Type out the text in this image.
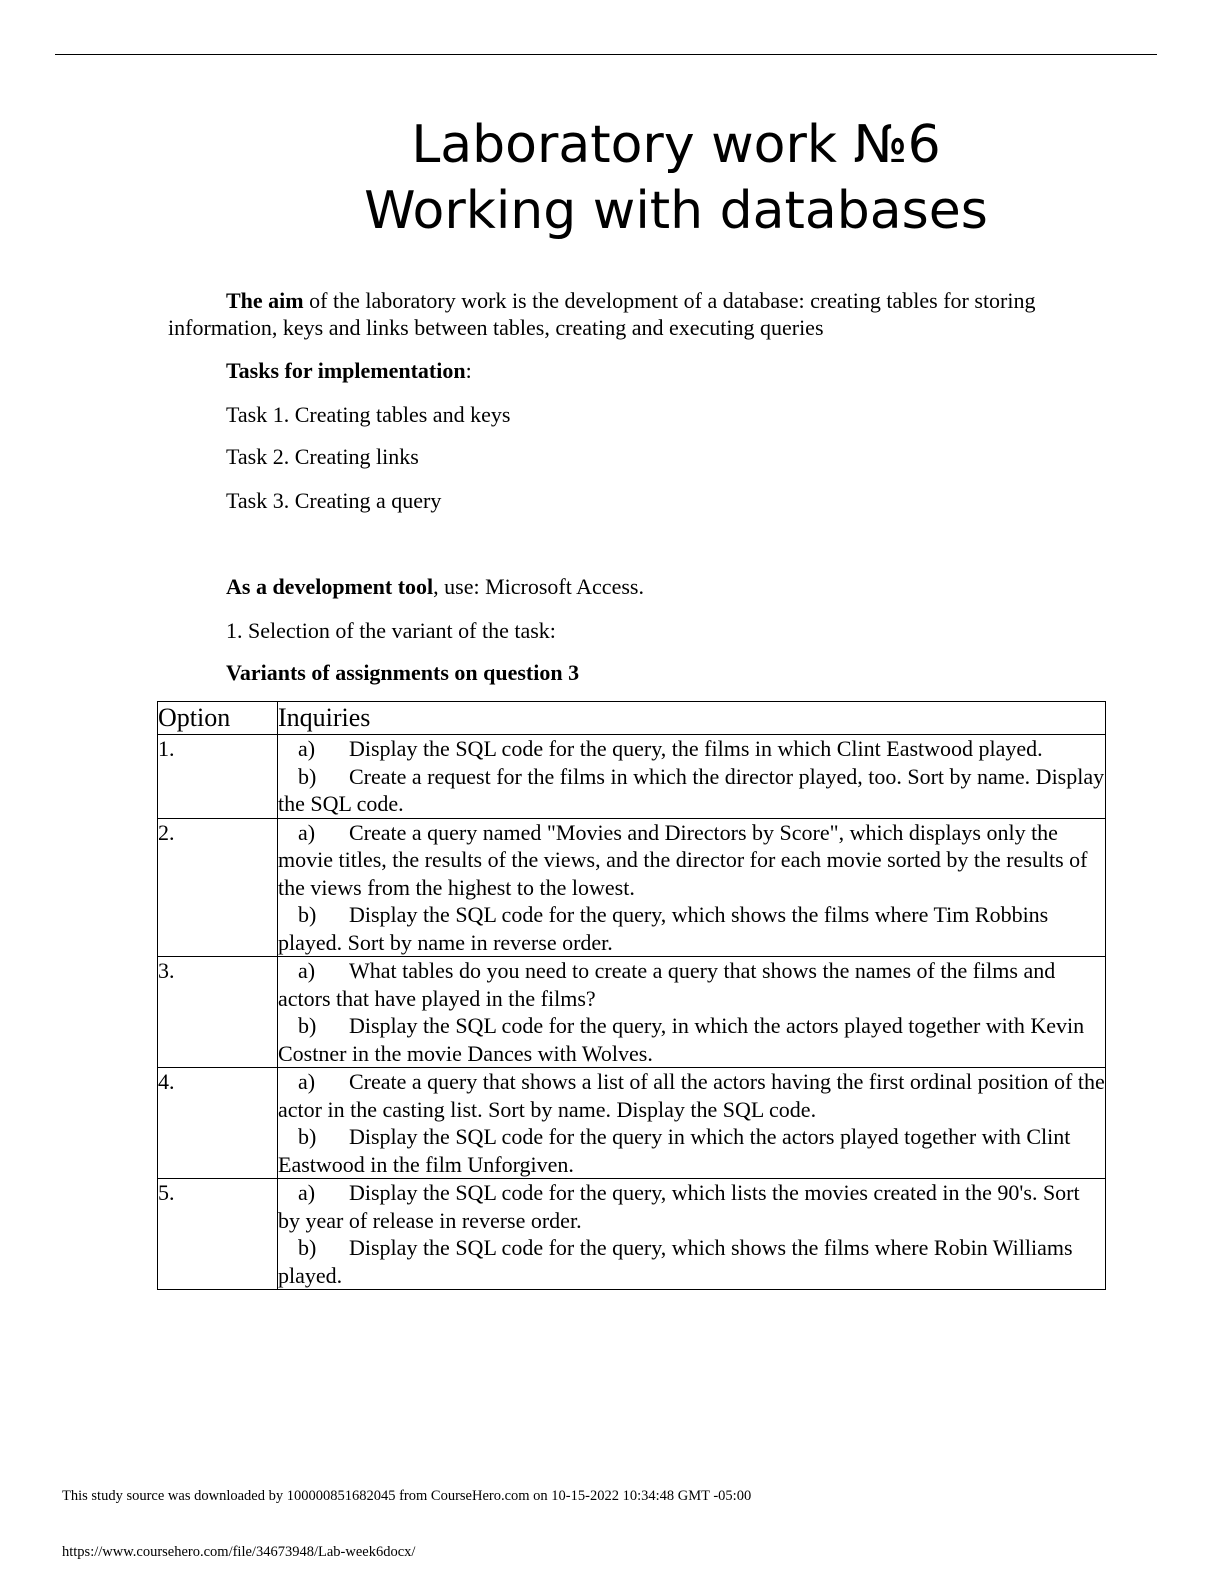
Laboratory work №6
Working with databases
The aim of the laboratory work is the development of a database: creating tables for storing information, keys and links between tables, creating and executing queries
Tasks for implementation:
Task 1. Creating tables and keys
Task 2. Creating links
Task 3. Creating a query
As a development tool, use: Microsoft Access.
1. Selection of the variant of the task:
Variants of assignments on question 3
Option	Inquiries
1.	a) Display the SQL code for the query, the films in which Clint Eastwood played.
b) Create a request for the films in which the director played, too. Sort by name. Display the SQL code.

2.	a) Create a query named "Movies and Directors by Score", which displays only the movie titles, the results of the views, and the director for each movie sorted by the results of the views from the highest to the lowest.
b) Display the SQL code for the query, which shows the films where Tim Robbins played. Sort by name in reverse order.

3.	a) What tables do you need to create a query that shows the names of the films and actors that have played in the films?
b) Display the SQL code for the query, in which the actors played together with Kevin Costner in the movie Dances with Wolves.

4.	a) Create a query that shows a list of all the actors having the first ordinal position of the actor in the casting list. Sort by name. Display the SQL code.
b) Display the SQL code for the query in which the actors played together with Clint Eastwood in the film Unforgiven.

5.	a) Display the SQL code for the query, which lists the movies created in the 90's. Sort by year of release in reverse order.
b) Display the SQL code for the query, which shows the films where Robin Williams played.
This study source was downloaded by 100000851682045 from CourseHero.com on 10-15-2022 10:34:48 GMT -05:00
https://www.coursehero.com/file/34673948/Lab-week6docx/
